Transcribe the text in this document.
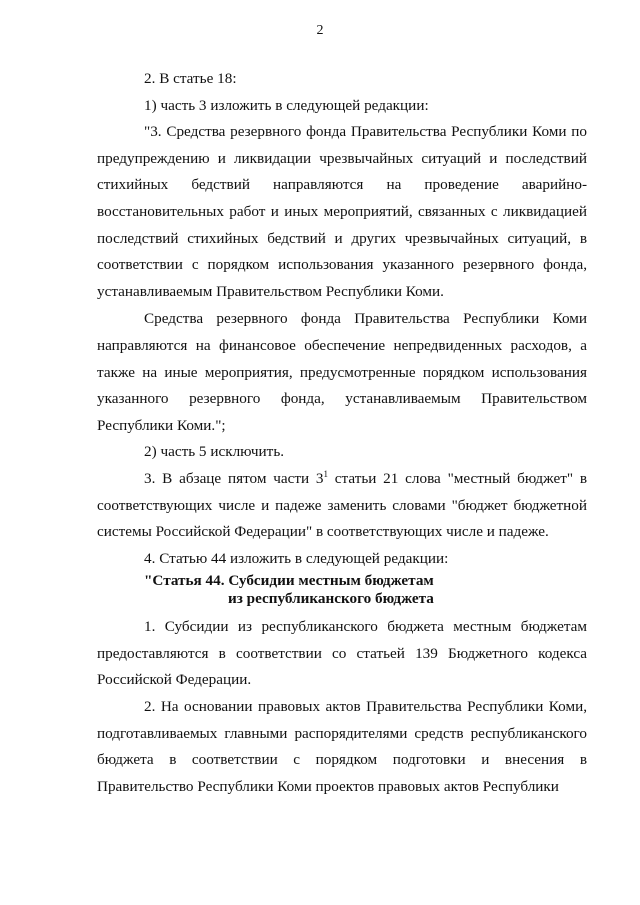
2

2. В статье 18:

1) часть 3 изложить в следующей редакции:

"3. Средства резервного фонда Правительства Республики Коми по предупреждению и ликвидации чрезвычайных ситуаций и последствий стихийных бедствий направляются на проведение аварийно-восстановительных работ и иных мероприятий, связанных с ликвидацией последствий стихийных бедствий и других чрезвычайных ситуаций, в соответствии с порядком использования указанного резервного фонда, устанавливаемым Правительством Республики Коми.

Средства резервного фонда Правительства Республики Коми направляются на финансовое обеспечение непредвиденных расходов, а также на иные мероприятия, предусмотренные порядком использования указанного резервного фонда, устанавливаемым Правительством Республики Коми.";

2) часть 5 исключить.

3. В абзаце пятом части $3^1$ статьи 21 слова "местный бюджет" в соответствующих числе и падеже заменить словами "бюджет бюджетной системы Российской Федерации" в соответствующих числе и падеже.

4. Статью 44 изложить в следующей редакции:

"Статья 44. Субсидии местным бюджетам
из республиканского бюджета

1. Субсидии из республиканского бюджета местным бюджетам предоставляются в соответствии со статьей 139 Бюджетного кодекса Российской Федерации.

2. На основании правовых актов Правительства Республики Коми, подготавливаемых главными распорядителями средств республиканского бюджета в соответствии с порядком подготовки и внесения в Правительство Республики Коми проектов правовых актов Республики
